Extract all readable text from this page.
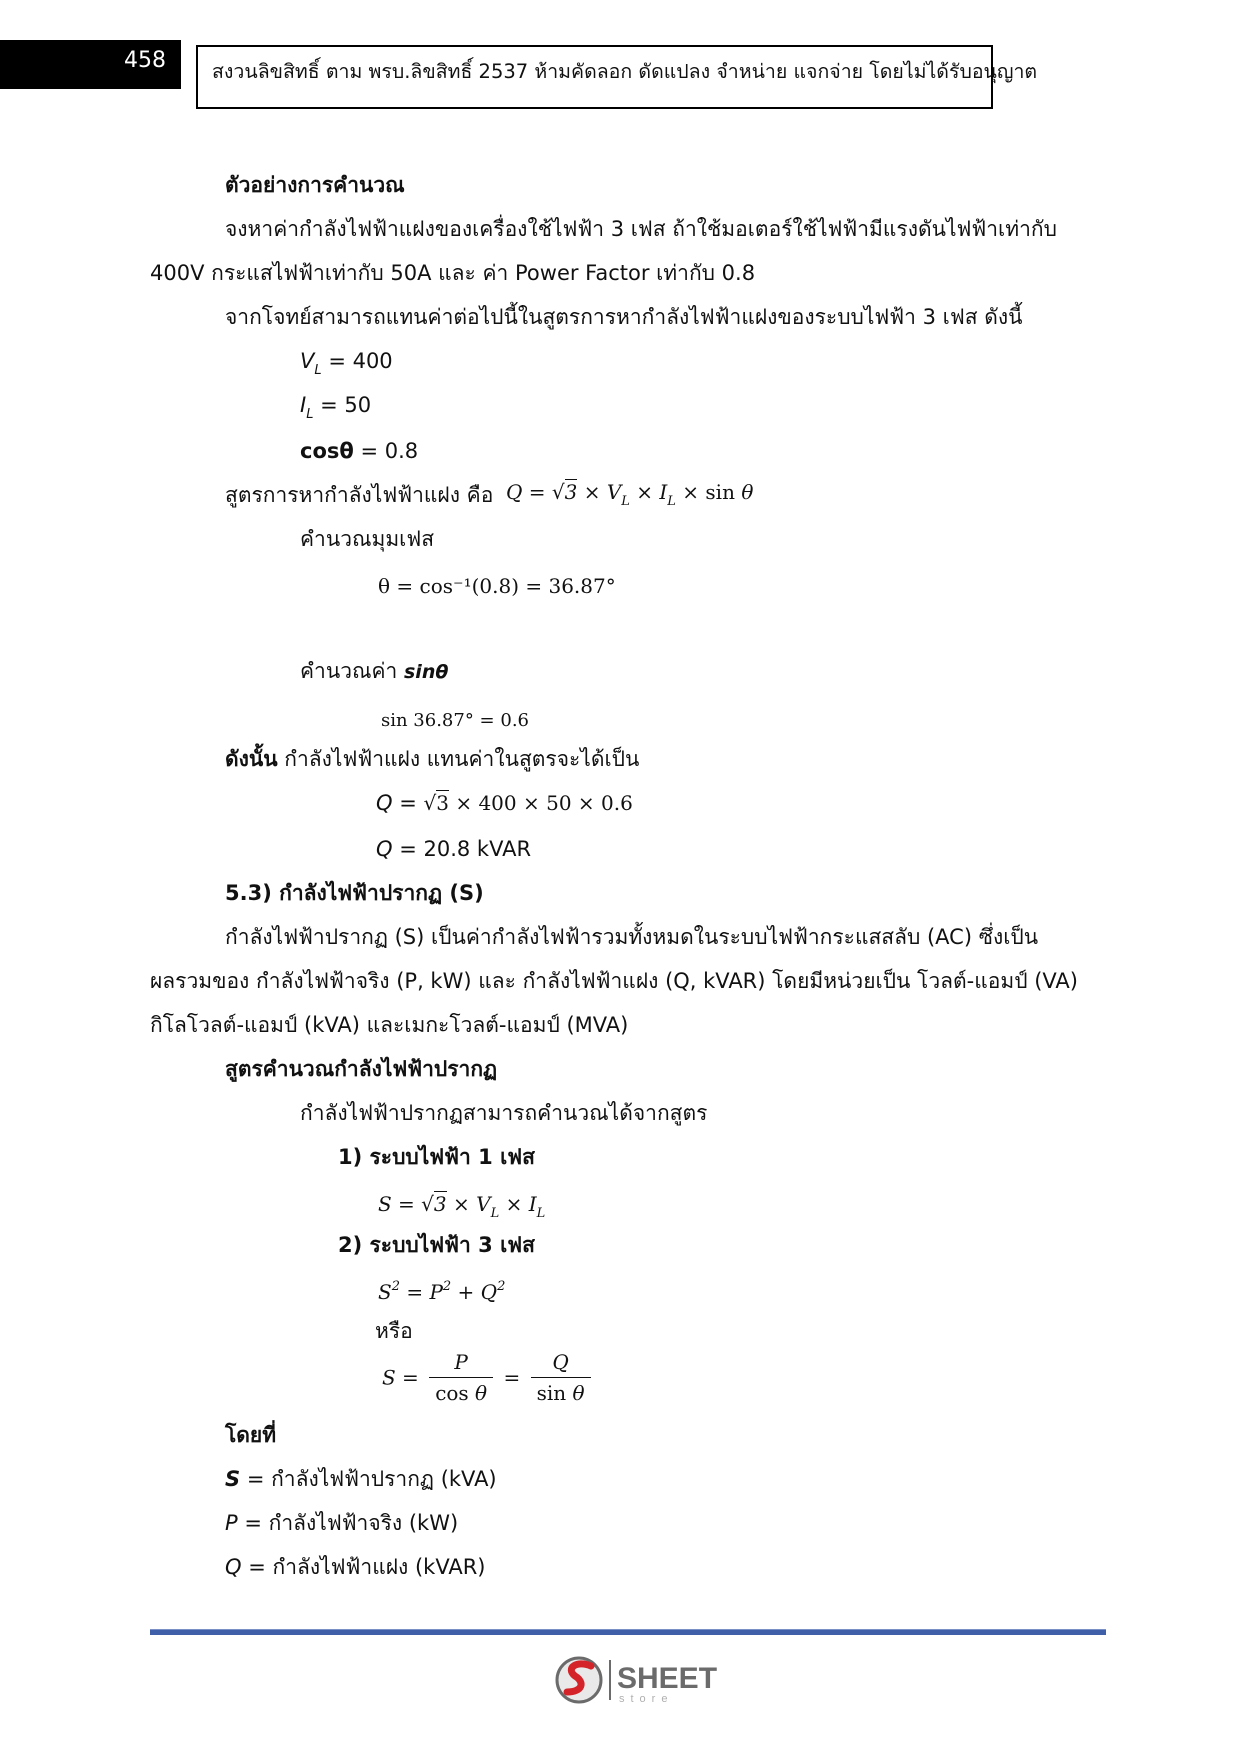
458 สงวนลิขสิทธิ์ ตาม พรบ.ลิขสิทธิ์ 2537 ห้ามคัดลอก ดัดแปลง จำหน่าย แจกจ่าย โดยไม่ได้รับอนุญาต
ตัวอย่างการคำนวณ
จงหาค่ากำลังไฟฟ้าแฝงของเครื่องใช้ไฟฟ้า 3 เฟส ถ้าใช้มอเตอร์ใช้ไฟฟ้ามีแรงดันไฟฟ้าเท่ากับ
400V กระแสไฟฟ้าเท่ากับ 50A และ ค่า Power Factor เท่ากับ 0.8
จากโจทย์สามารถแทนค่าต่อไปนี้ในสูตรการหากำลังไฟฟ้าแฝงของระบบไฟฟ้า 3 เฟส ดังนี้
$V_L = 400$
$I_L = 50$
cosθ = 0.8
สูตรการหากำลังไฟฟ้าแฝง คือ $Q = √3 \times V_L \times I_L \times \sin \theta$
คำนวณมุมเฟส
θ = cos⁻¹(0.8) = 36.87°
คำนวณค่า sinθ
sin 36.87° = 0.6
ดังนั้น กำลังไฟฟ้าแฝง แทนค่าในสูตรจะได้เป็น
Q = √3 × 400 × 50 × 0.6
Q = 20.8 kVAR
5.3) กำลังไฟฟ้าปรากฏ (S)
กำลังไฟฟ้าปรากฏ (S) เป็นค่ากำลังไฟฟ้ารวมทั้งหมดในระบบไฟฟ้ากระแสสลับ (AC) ซึ่งเป็น
ผลรวมของ กำลังไฟฟ้าจริง (P, kW) และ กำลังไฟฟ้าแฝง (Q, kVAR) โดยมีหน่วยเป็น โวลต์-แอมป์ (VA)
กิโลโวลต์-แอมป์ (kVA) และเมกะโวลต์-แอมป์ (MVA)
สูตรคำนวณกำลังไฟฟ้าปรากฏ
กำลังไฟฟ้าปรากฏสามารถคำนวณได้จากสูตร
1) ระบบไฟฟ้า 1 เฟส
$S = √3 \times V_L \times I_L$
2) ระบบไฟฟ้า 3 เฟส
$S^2 = P^2 + Q^2$
หรือ
$S = \frac{P}{\text{cos θ}} = \frac{Q}{\text{sin θ}}$
โดยที่
S = กำลังไฟฟ้าปรากฏ (kVA)
P = กำลังไฟฟ้าจริง (kW)
Q = กำลังไฟฟ้าแฝง (kVAR)
SHEET
store
